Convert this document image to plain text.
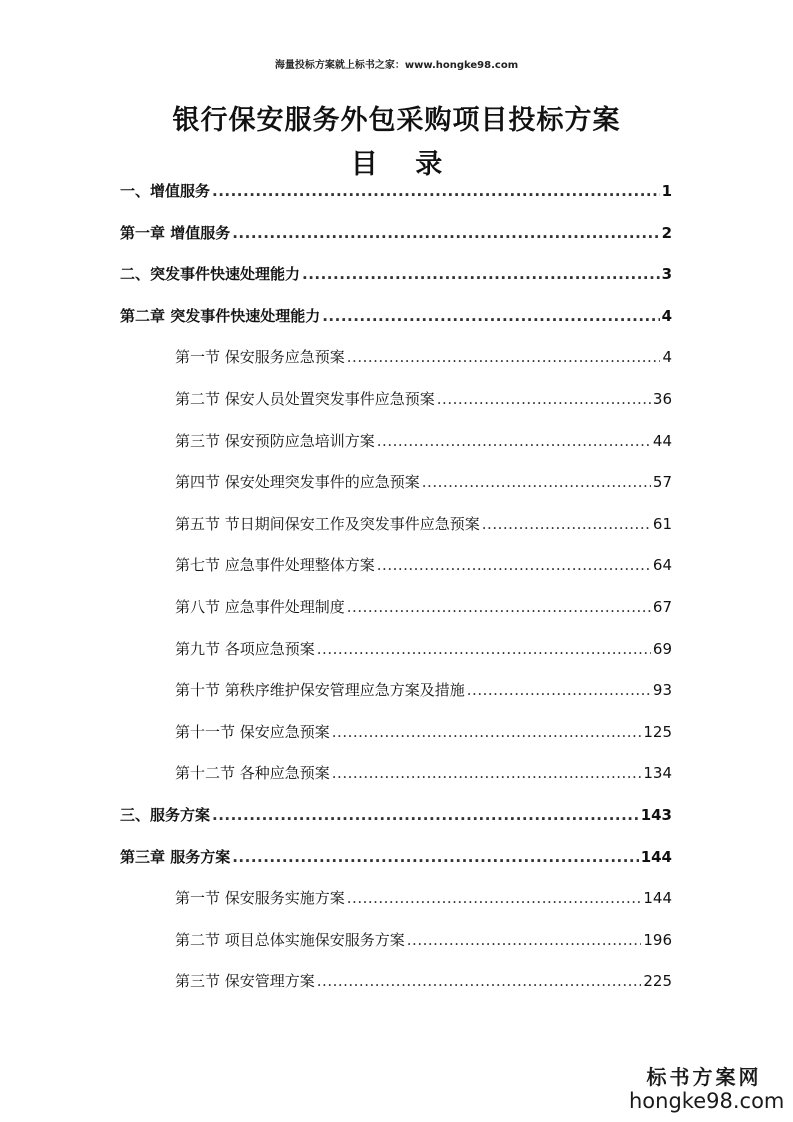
海量投标方案就上标书之家：www.hongke98.com
银行保安服务外包采购项目投标方案
目 录
一、增值服务 .....	1
第一章 增值服务 .....	2
二、突发事件快速处理能力 .....	3
第二章 突发事件快速处理能力 .....	4
第一节 保安服务应急预案 .....	4
第二节 保安人员处置突发事件应急预案 .....	36
第三节 保安预防应急培训方案 .....	44
第四节 保安处理突发事件的应急预案 .....	57
第五节 节日期间保安工作及突发事件应急预案 .....	61
第七节 应急事件处理整体方案 .....	64
第八节 应急事件处理制度 .....	67
第九节 各项应急预案 .....	69
第十节 第秩序维护保安管理应急方案及措施 .....	93
第十一节 保安应急预案 .....	125
第十二节 各种应急预案 .....	134
三、服务方案 .....	143
第三章 服务方案 .....	144
第一节 保安服务实施方案 .....	144
第二节 项目总体实施保安服务方案 .....	196
第三节 保安管理方案 .....	225
标书方案网
hongke98.com
